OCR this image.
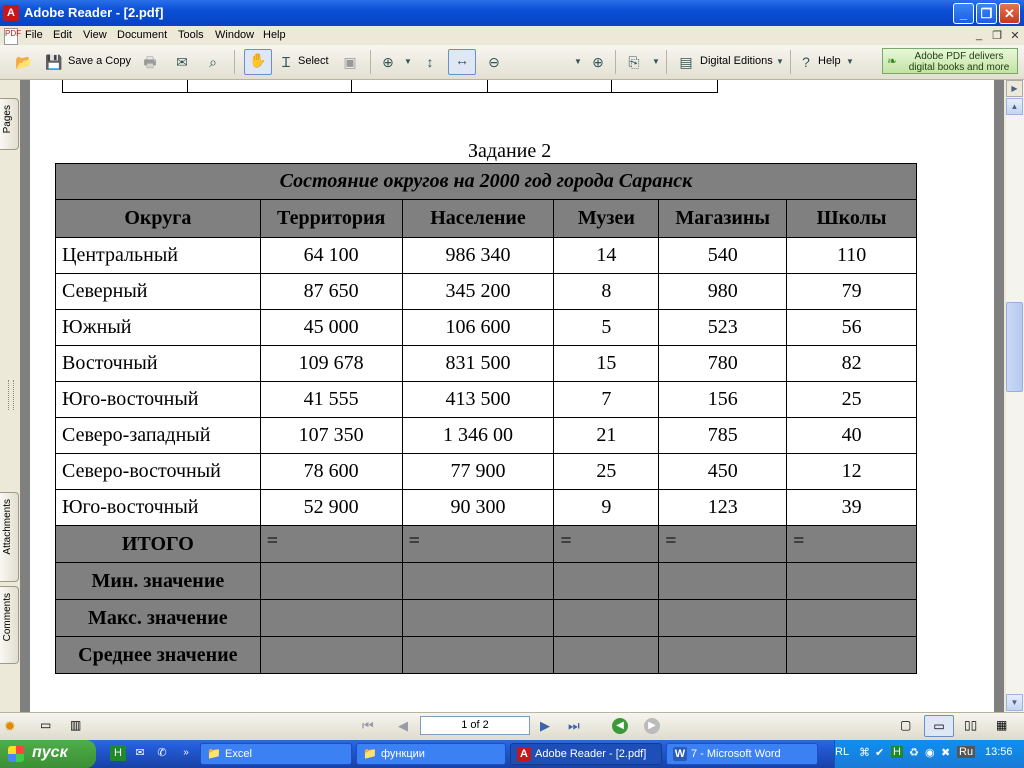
A Adobe Reader - [2.pdf]	_	❐ ✕
PDF File Edit View Document Tools Window Help	_ ❐ ✕
📂 💾 Save a Copy 🖶 ✉	⌕	✋	Ɪ Select ▣ ⊕	▼	↕	↔	⊖	▼ ⊕	⎘	▼	▤ Digital Editions ▼	? Help ▼	❧	Adobe PDF delivers
digital books and more
Pages
Attachments
Comments
Задание 2
Состояние округов на 2000 год города Саранск					
Округа	Территория	Население	Музеи	Магазины	Школы
Центральный	64 100	986 340	14	540	110
Северный	87 650	345 200	8	980	79
Южный	45 000	106 600	5	523	56
Восточный	109 678	831 500	15	780	82
Юго-восточный	41 555	413 500	7	156	25
Северо-западный	107 350	1 346 00	21	785	40
Северо-восточный	78 600	77 900	25	450	12
Юго-восточный	52 900	90 300	9	123	39
ИТОГО	=	=	=	=	=
Мин. значение					
Макс. значение					
Среднее значение					
▶
▲
▼
✹	▭	▥	⏮ ◀	▶ ⏭	◀	▶	▢	▭	▯▯ ▦
1 of 2
пуск	Н	✉	✆	»	📁 Excel	📁 функции	A Adobe Reader - [2.pdf]	W 7 - Microsoft Word	RL ⌘ ✔ Н ♻ ◉ ✖ Ru 13:56
